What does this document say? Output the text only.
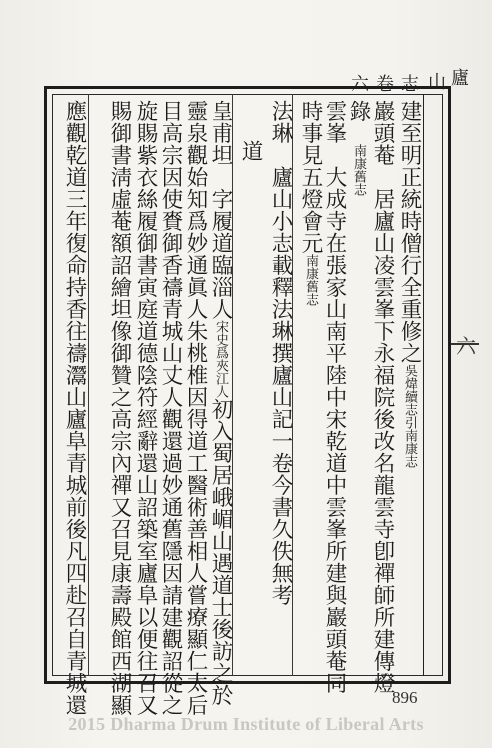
廬
山
志
卷
六
建至明正統時僧行全重修之吳煒續志引南康志
巖頭菴　居廬山凌雲峯下永福院後改名龍雲寺卽禪師所建傳燈
錄　南康舊志
雲峯　大成寺在張家山南平陸中宋乾道中雲峯所建與巖頭菴同
時事見五燈會元南康舊志
法琳　廬山小志載釋法琳撰廬山記一卷今書久佚無考
道
皇甫坦　字履道臨淄人宋史爲夾江人初入蜀居峨嵋山遇道士後訪之於
靈泉觀始知爲妙通眞人朱桃椎因得道工醫術善相人嘗療顯仁太后
目高宗因使賚御香禱青城山丈人觀還過妙通舊隱因請建觀詔從之
旋賜紫衣絲履御書寅庭道德陰符經辭還山詔築室廬阜以便往召又
賜御書淸虛菴額詔繪坦像御贊之高宗內禪又召見康壽殿館西湖顯
應觀乾道三年復命持香往禱灊山廬阜青城前後凡四赴召自青城還	六
896
2015 Dharma Drum Institute of Liberal Arts
